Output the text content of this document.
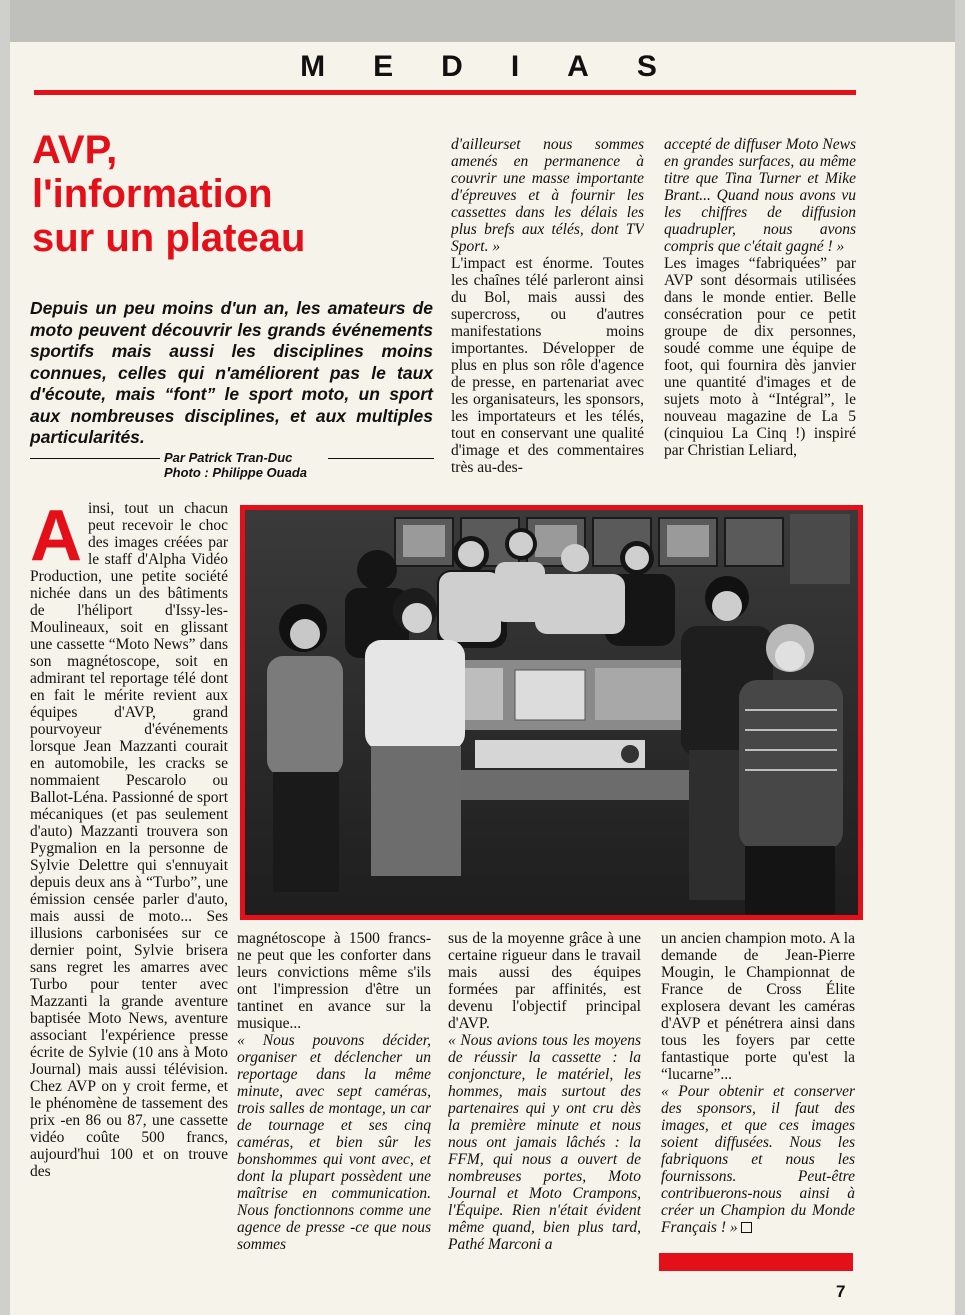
MEDIAS
AVP,
l'information
sur un plateau

Depuis un peu moins d'un an, les amateurs de moto peuvent découvrir les grands événements sportifs mais aussi les disciplines moins connues, celles qui n'améliorent pas le taux d'écoute, mais “font” le sport moto, un sport aux nombreuses disciplines, et aux multiples particularités.

Par Patrick Tran-Duc
Photo : Philippe Ouada
A insi, tout un chacun peut recevoir le choc des images créées par le staff d'Alpha Vidéo Production, une petite société nichée dans un des bâtiments de l'héliport d'Issy-les-Moulineaux, soit en glissant une cassette “Moto News” dans son magnétoscope, soit en admirant tel reportage télé dont en fait le mérite revient aux équipes d'AVP, grand pourvoyeur d'événements lorsque Jean Mazzanti courait en automobile, les cracks se nommaient Pescarolo ou Ballot-Léna. Passionné de sport mécaniques (et pas seulement d'auto) Mazzanti trouvera son Pygmalion en la personne de Sylvie Delettre qui s'ennuyait depuis deux ans à “Turbo”, une émission censée parler d'auto, mais aussi de moto... Ses illusions carbonisées sur ce dernier point, Sylvie brisera sans regret les amarres avec Turbo pour tenter avec Mazzanti la grande aventure baptisée Moto News, aventure associant l'expérience presse écrite de Sylvie (10 ans à Moto Journal) mais aussi télévision. Chez AVP on y croit ferme, et le phénomène de tassement des prix -en 86 ou 87, une cassette vidéo coûte 500 francs, aujourd'hui 100 et on trouve des

d'ailleurset nous sommes amenés en permanence à couvrir une masse importante d'épreuves et à fournir les cassettes dans les délais les plus brefs aux télés, dont TV Sport. »

L'impact est énorme. Toutes les chaînes télé parleront ainsi du Bol, mais aussi des supercross, ou d'autres manifestations moins importantes. Développer de plus en plus son rôle d'agence de presse, en partenariat avec les organisateurs, les sponsors, les importateurs et les télés, tout en conservant une qualité d'image et des commentaires très au-des-

accepté de diffuser Moto News en grandes surfaces, au même titre que Tina Turner et Mike Brant... Quand nous avons vu les chiffres de diffusion quadrupler, nous avons compris que c'était gagné ! »

Les images “fabriquées” par AVP sont désormais utilisées dans le monde entier. Belle consécration pour ce petit groupe de dix personnes, soudé comme une équipe de foot, qui fournira dès janvier une quantité d'images et de sujets moto à “Intégral”, le nouveau magazine de La 5 (cinquiou La Cinq !) inspiré par Christian Leliard,

magnétoscope à 1500 francs- ne peut que les conforter dans leurs convictions même s'ils ont l'impression d'être un tantinet en avance sur la musique...

« Nous pouvons décider, organiser et déclencher un reportage dans la même minute, avec sept caméras, trois salles de montage, un car de tournage et ses cinq caméras, et bien sûr les bonshommes qui vont avec, et dont la plupart possèdent une maîtrise en communication. Nous fonctionnons comme une agence de presse -ce que nous sommes

sus de la moyenne grâce à une certaine rigueur dans le travail mais aussi des équipes formées par affinités, est devenu l'objectif principal d'AVP.

« Nous avions tous les moyens de réussir la cassette : la conjoncture, le matériel, les hommes, mais surtout des partenaires qui y ont cru dès la première minute et nous nous ont jamais lâchés : la FFM, qui nous a ouvert de nombreuses portes, Moto Journal et Moto Crampons, l'Équipe. Rien n'était évident même quand, bien plus tard, Pathé Marconi a

un ancien champion moto. A la demande de Jean-Pierre Mougin, le Championnat de France de Cross Élite explosera devant les caméras d'AVP et pénétrera ainsi dans tous les foyers par cette fantastique porte qu'est la “lucarne”...

« Pour obtenir et conserver des sponsors, il faut des images, et que ces images soient diffusées. Nous les fabriquons et nous les fournissons. Peut-être contribuerons-nous ainsi à créer un Champion du Monde Français ! »

7
